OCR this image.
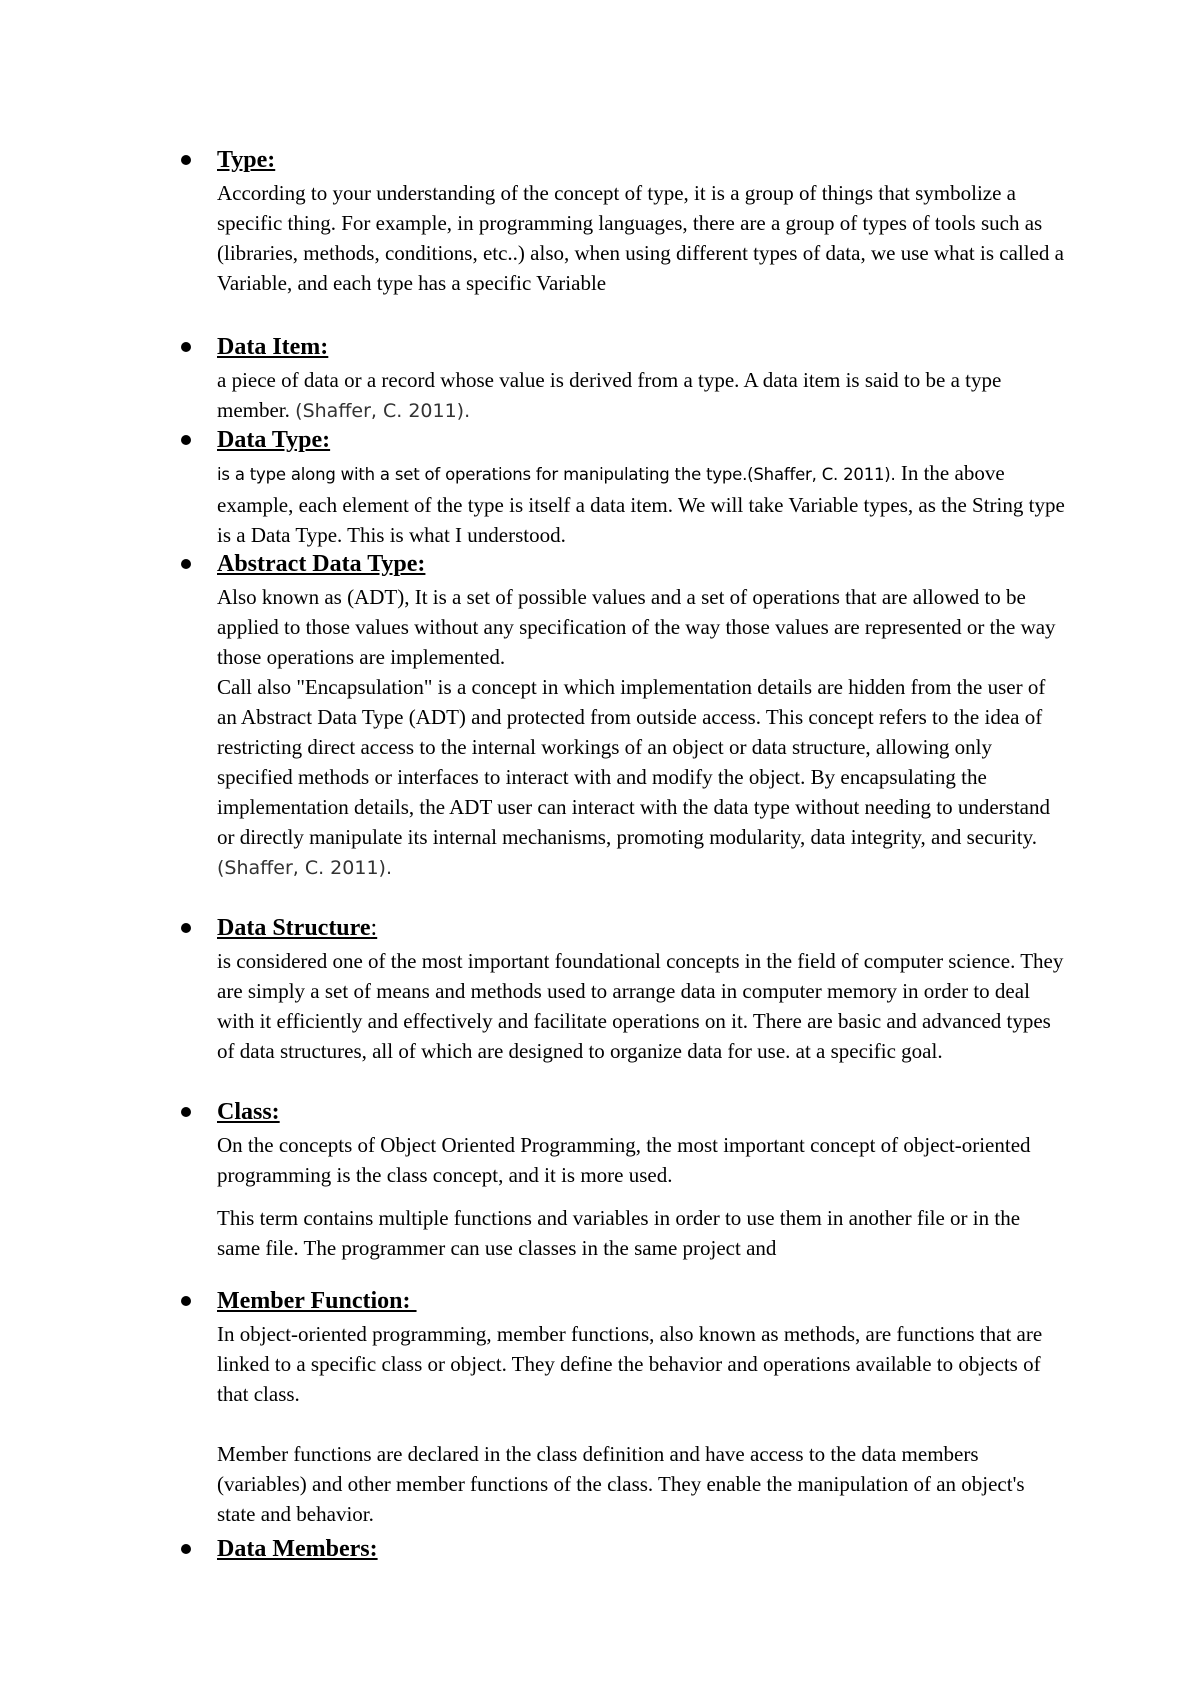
Type:

According to your understanding of the concept of type, it is a group of things that symbolize a specific thing. For example, in programming languages, there are a group of types of tools such as (libraries, methods, conditions, etc..) also, when using different types of data, we use what is called a Variable, and each type has a specific Variable

Data Item:

a piece of data or a record whose value is derived from a type. A data item is said to be a type member. (Shaffer, C. 2011).

Data Type:

is a type along with a set of operations for manipulating the type.(Shaffer, C. 2011). In the above example, each element of the type is itself a data item. We will take Variable types, as the String type is a Data Type. This is what I understood.

Abstract Data Type:

Also known as (ADT), It is a set of possible values and a set of operations that are allowed to be applied to those values without any specification of the way those values are represented or the way those operations are implemented.

Call also "Encapsulation" is a concept in which implementation details are hidden from the user of an Abstract Data Type (ADT) and protected from outside access. This concept refers to the idea of restricting direct access to the internal workings of an object or data structure, allowing only specified methods or interfaces to interact with and modify the object. By encapsulating the implementation details, the ADT user can interact with the data type without needing to understand or directly manipulate its internal mechanisms, promoting modularity, data integrity, and security. (Shaffer, C. 2011).

Data Structure:

is considered one of the most important foundational concepts in the field of computer science. They are simply a set of means and methods used to arrange data in computer memory in order to deal with it efficiently and effectively and facilitate operations on it. There are basic and advanced types of data structures, all of which are designed to organize data for use. at a specific goal.

Class:

On the concepts of Object Oriented Programming, the most important concept of object-oriented programming is the class concept, and it is more used.

This term contains multiple functions and variables in order to use them in another file or in the same file. The programmer can use classes in the same project and

Member Function:

In object-oriented programming, member functions, also known as methods, are functions that are linked to a specific class or object. They define the behavior and operations available to objects of that class.

Member functions are declared in the class definition and have access to the data members (variables) and other member functions of the class. They enable the manipulation of an object's state and behavior.

Data Members:
